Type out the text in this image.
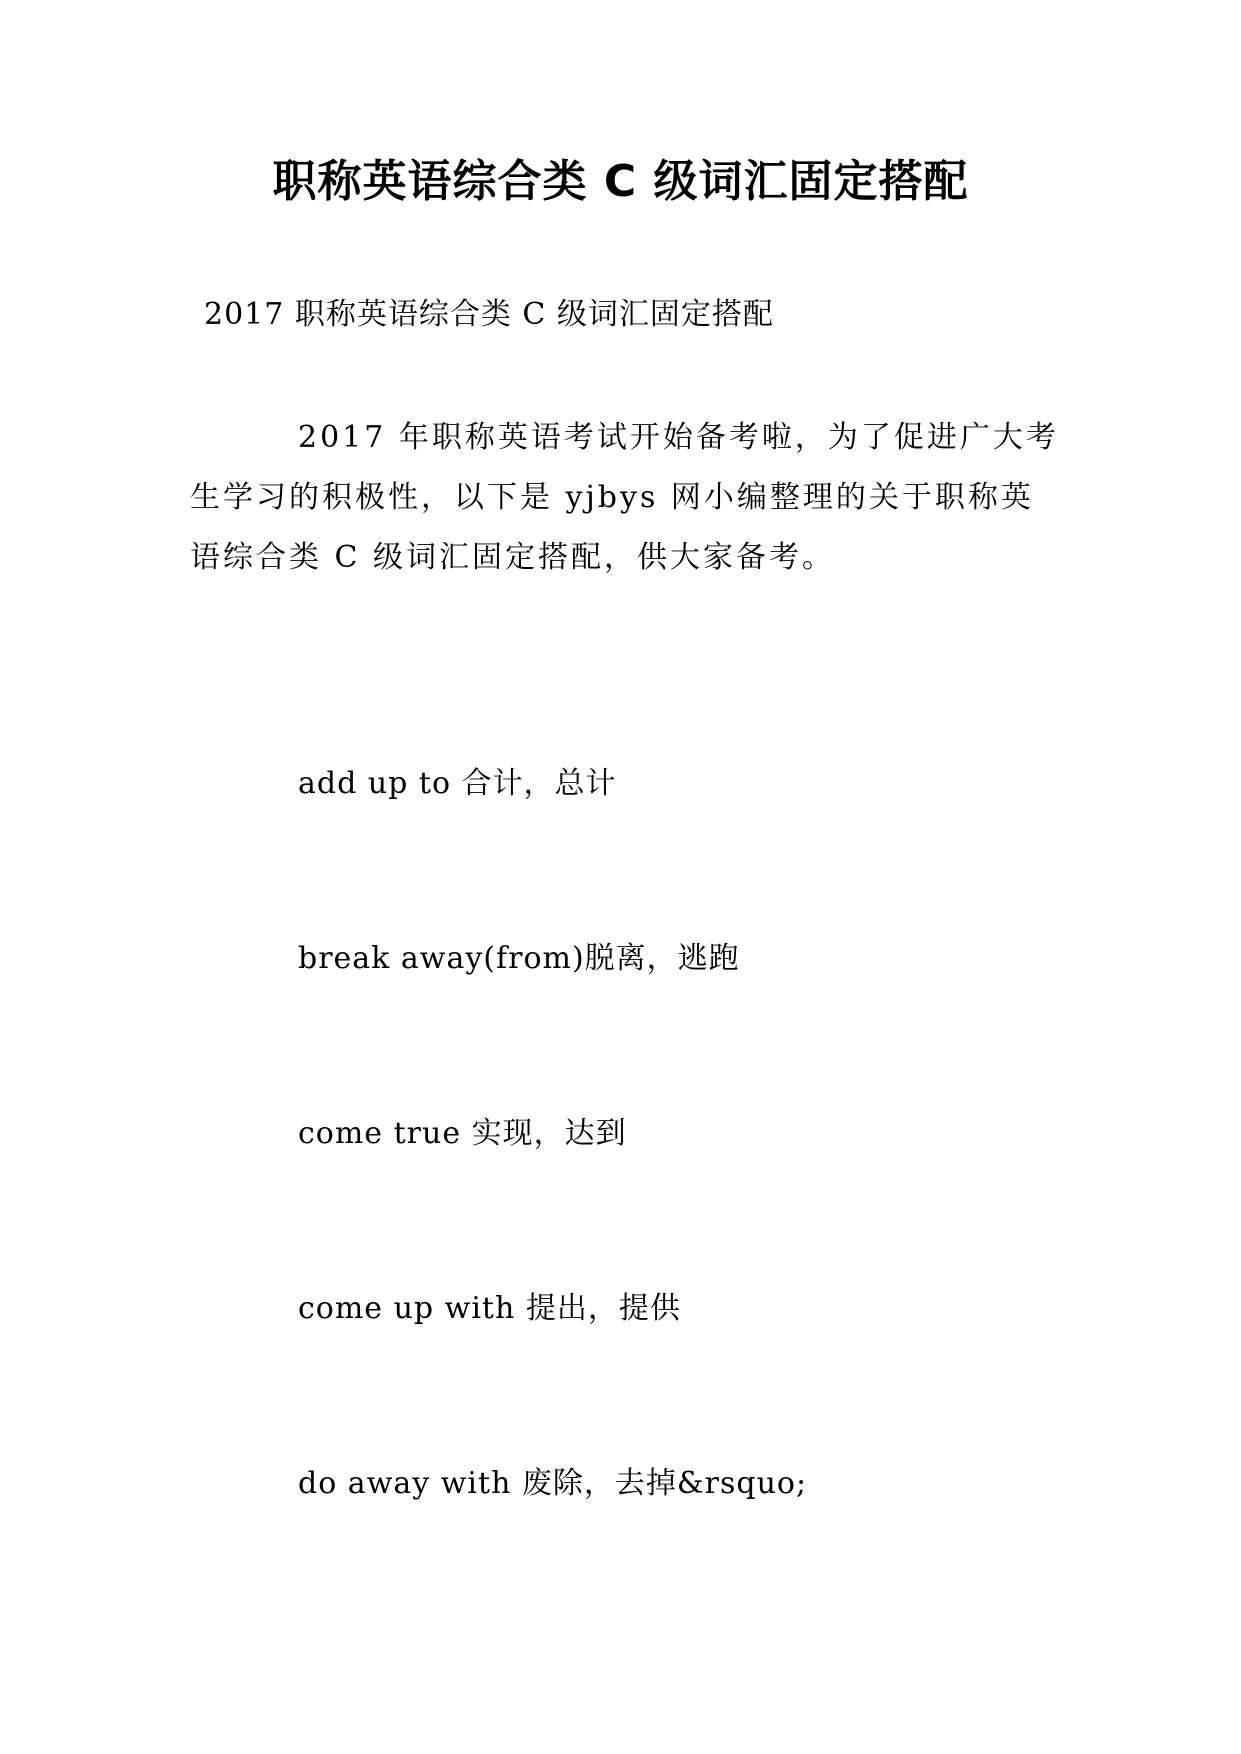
职称英语综合类 C 级词汇固定搭配
2017 职称英语综合类 C 级词汇固定搭配

2017 年职称英语考试开始备考啦，为了促进广大考生学习的积极性，以下是 yjbys 网小编整理的关于职称英语综合类 C 级词汇固定搭配，供大家备考。

add up to 合计，总计
break away(from)脱离，逃跑
come true 实现，达到
come up with 提出，提供
do away with 废除，去掉&rsquo;
